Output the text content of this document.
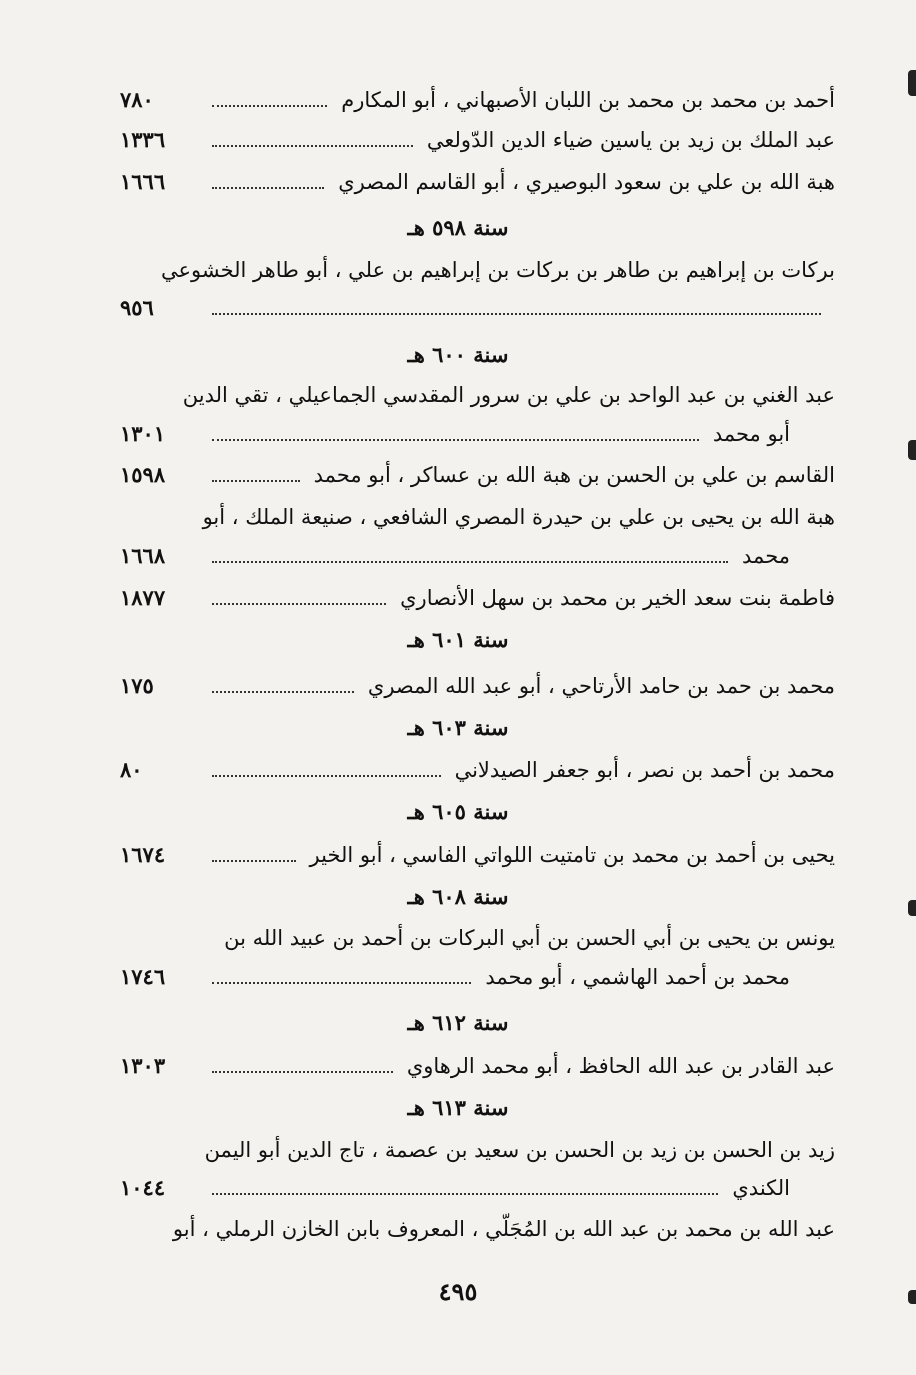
أحمد بن محمد بن محمد بن اللبان الأصبهاني ، أبو المكارم
٧٨٠
عبد الملك بن زيد بن ياسين ضياء الدين الدّولعي
١٣٣٦
هبة الله بن علي بن سعود البوصيري ، أبو القاسم المصري
١٦٦٦
سنة ٥٩٨ هـ
بركات بن إبراهيم بن طاهر بن بركات بن إبراهيم بن علي ، أبو طاهر الخشوعي
٩٥٦
سنة ٦٠٠ هـ
عبد الغني بن عبد الواحد بن علي بن سرور المقدسي الجماعيلي ، تقي الدين
أبو محمد
١٣٠١
القاسم بن علي بن الحسن بن هبة الله بن عساكر ، أبو محمد
١٥٩٨
هبة الله بن يحيى بن علي بن حيدرة المصري الشافعي ، صنيعة الملك ، أبو
محمد
١٦٦٨
فاطمة بنت سعد الخير بن محمد بن سهل الأنصاري
١٨٧٧
سنة ٦٠١ هـ
محمد بن حمد بن حامد الأرتاحي ، أبو عبد الله المصري
١٧٥
سنة ٦٠٣ هـ
محمد بن أحمد بن نصر ، أبو جعفر الصيدلاني
٨٠
سنة ٦٠٥ هـ
يحيى بن أحمد بن محمد بن تامتيت اللواتي الفاسي ، أبو الخير
١٦٧٤
سنة ٦٠٨ هـ
يونس بن يحيى بن أبي الحسن بن أبي البركات بن أحمد بن عبيد الله بن
محمد بن أحمد الهاشمي ، أبو محمد
١٧٤٦
سنة ٦١٢ هـ
عبد القادر بن عبد الله الحافظ ، أبو محمد الرهاوي
١٣٠٣
سنة ٦١٣ هـ
زيد بن الحسن بن زيد بن الحسن بن سعيد بن عصمة ، تاج الدين أبو اليمن
الكندي
١٠٤٤
عبد الله بن محمد بن عبد الله بن المُجَلّي ، المعروف بابن الخازن الرملي ، أبو
٤٩٥
